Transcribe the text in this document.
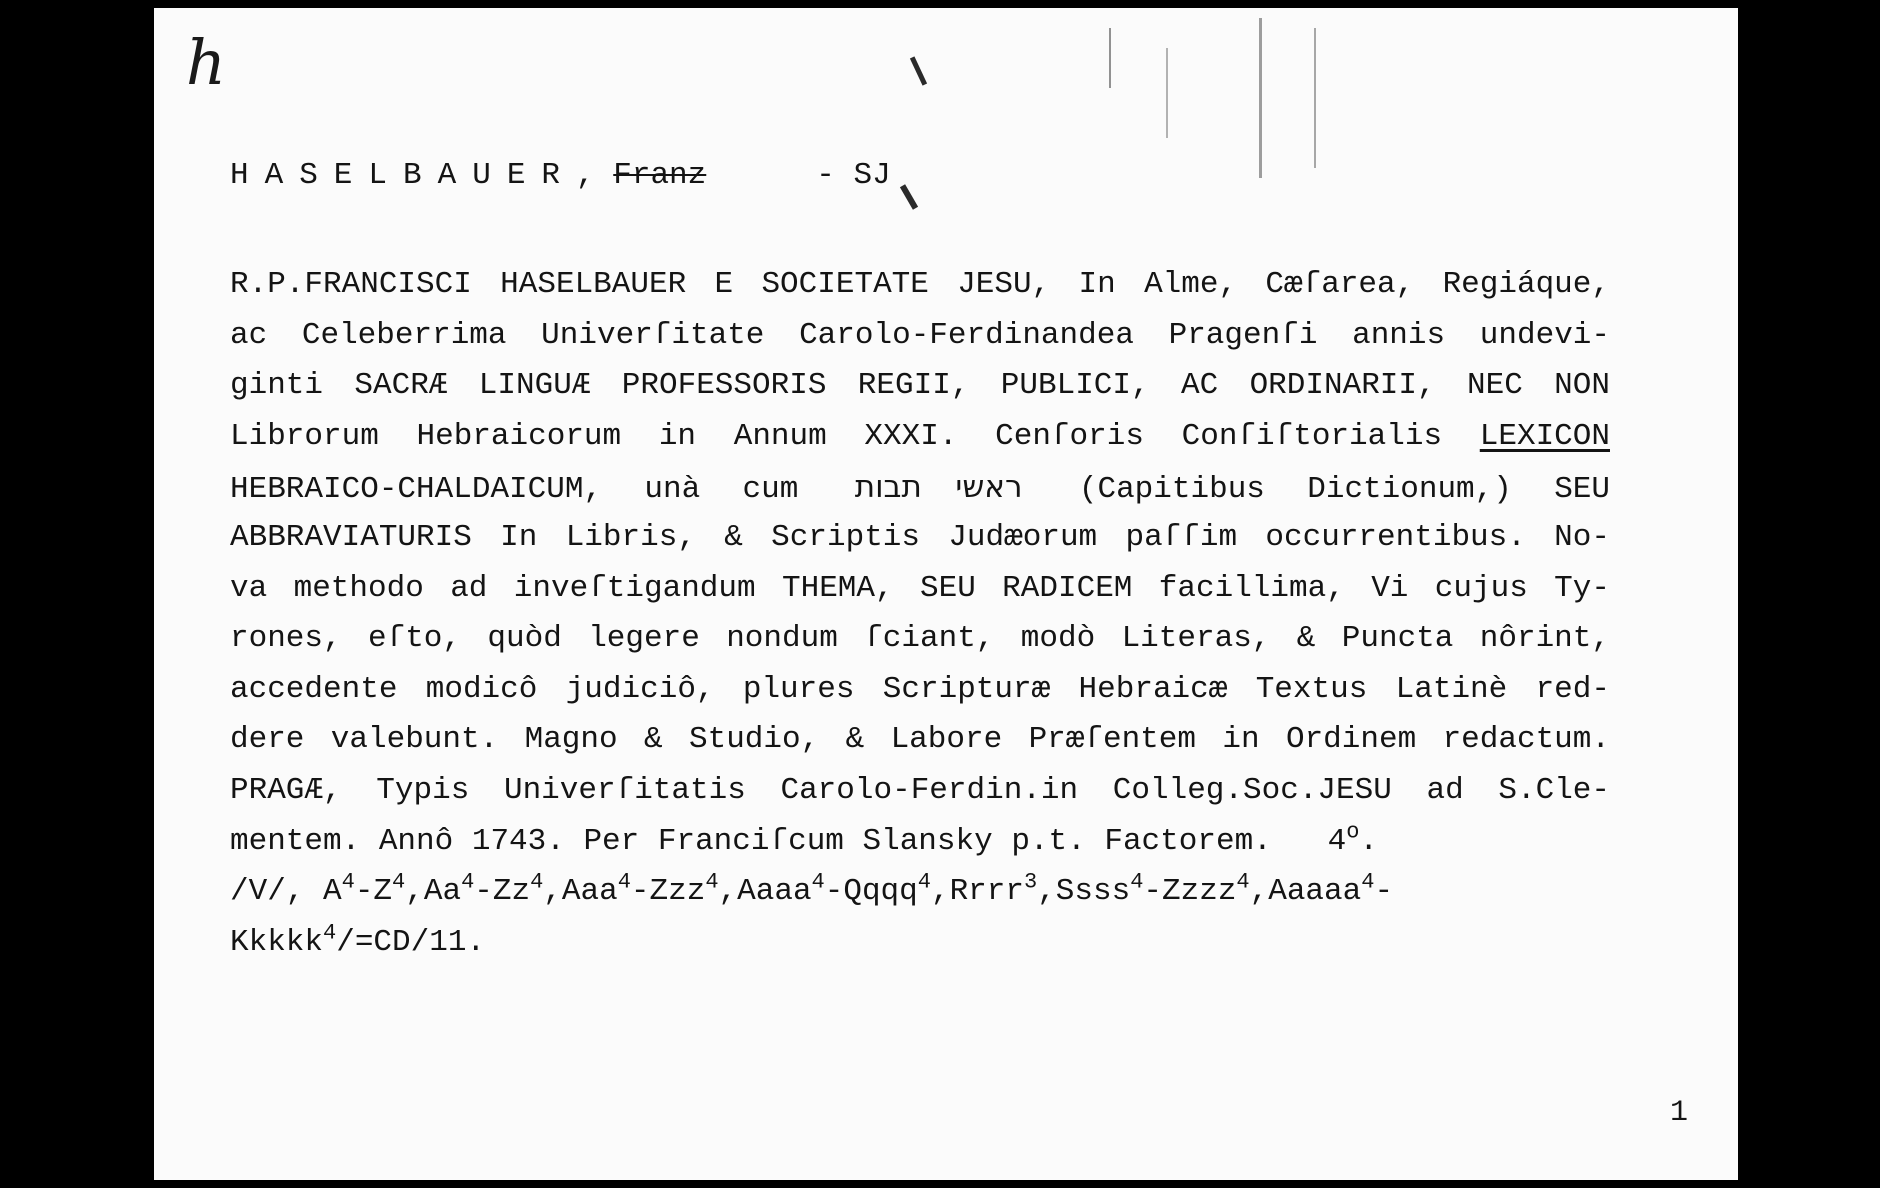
h
HASELBAUER, Franz	- SJ
R.P.FRANCISCI HASELBAUER E SOCIETATE JESU, In Alme, Cæſarea, Regiáque,
ac Celeberrima Univerſitate Carolo-Ferdinandea Pragenſi annis undevi-
ginti SACRÆ LINGUÆ PROFESSORIS REGII, PUBLICI, AC ORDINARII, NEC NON
Librorum Hebraicorum in Annum XXXI. Cenſoris Conſiſtorialis LEXICON
HEBRAICO-CHALDAICUM, unà cum ראשי תבות (Capitibus Dictionum,) SEU
ABBRAVIATURIS In Libris, & Scriptis Judæorum paſſim occurrentibus. No-
va methodo ad inveſtigandum THEMA, SEU RADICEM facillima, Vi cujus Ty-
rones, eſto, quòd legere nondum ſciant, modò Literas, & Puncta nôrint,
accedente modicô judiciô, plures Scripturæ Hebraicæ Textus Latinè red-
dere valebunt. Magno & Studio, & Labore Præſentem in Ordinem redactum.
PRAGÆ, Typis Univerſitatis Carolo-Ferdin.in Colleg.Soc.JESU ad S.Cle-
mentem. Annô 1743. Per Franciſcum Slansky p.t. Factorem.   4$^o$.
/V/, $A^4-Z^4,Aa^4-Zz^4,Aaa^4-Zzz^4,Aaaa^4-Qqqq^4,Rrrr^3,Ssss^4-Zzzz^4,Aaaaa^4-$
Kkkkk$^4$/=CD/11.
1
